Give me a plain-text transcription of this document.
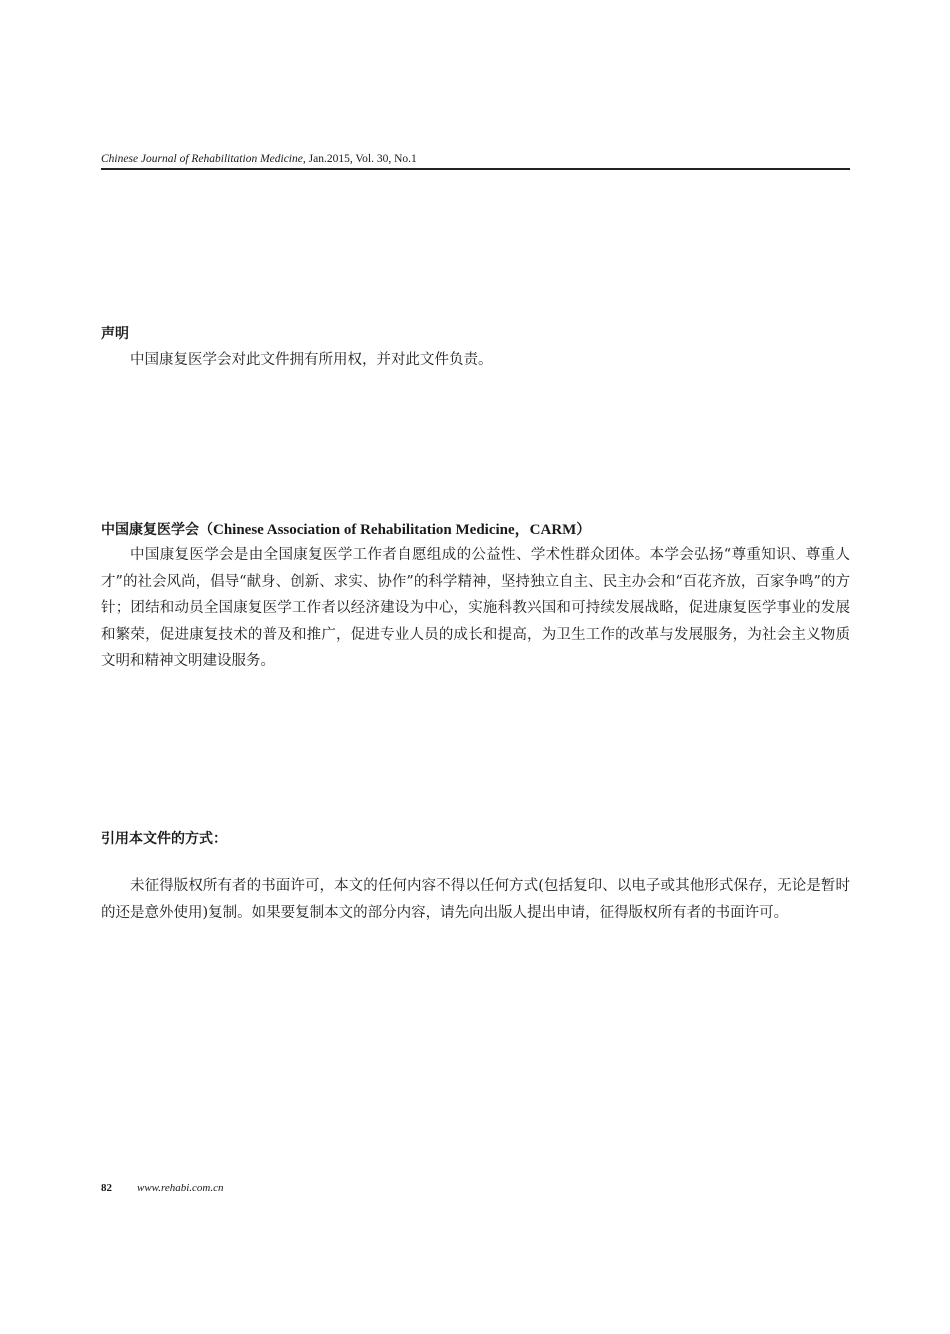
Chinese Journal of Rehabilitation Medicine, Jan.2015, Vol. 30, No.1
声明

中国康复医学会对此文件拥有所用权，并对此文件负责。

中国康复医学会（Chinese Association of Rehabilitation Medicine，CARM）

中国康复医学会是由全国康复医学工作者自愿组成的公益性、学术性群众团体。本学会弘扬“尊重知识、尊重人才”的社会风尚，倡导“献身、创新、求实、协作”的科学精神，坚持独立自主、民主办会和“百花齐放，百家争鸣”的方针；团结和动员全国康复医学工作者以经济建设为中心，实施科教兴国和可持续发展战略，促进康复医学事业的发展和繁荣，促进康复技术的普及和推广，促进专业人员的成长和提高，为卫生工作的改革与发展服务，为社会主义物质文明和精神文明建设服务。

引用本文件的方式：

未征得版权所有者的书面许可，本文的任何内容不得以任何方式(包括复印、以电子或其他形式保存，无论是暂时的还是意外使用)复制。如果要复制本文的部分内容，请先向出版人提出申请，征得版权所有者的书面许可。

82 www.rehabi.com.cn
